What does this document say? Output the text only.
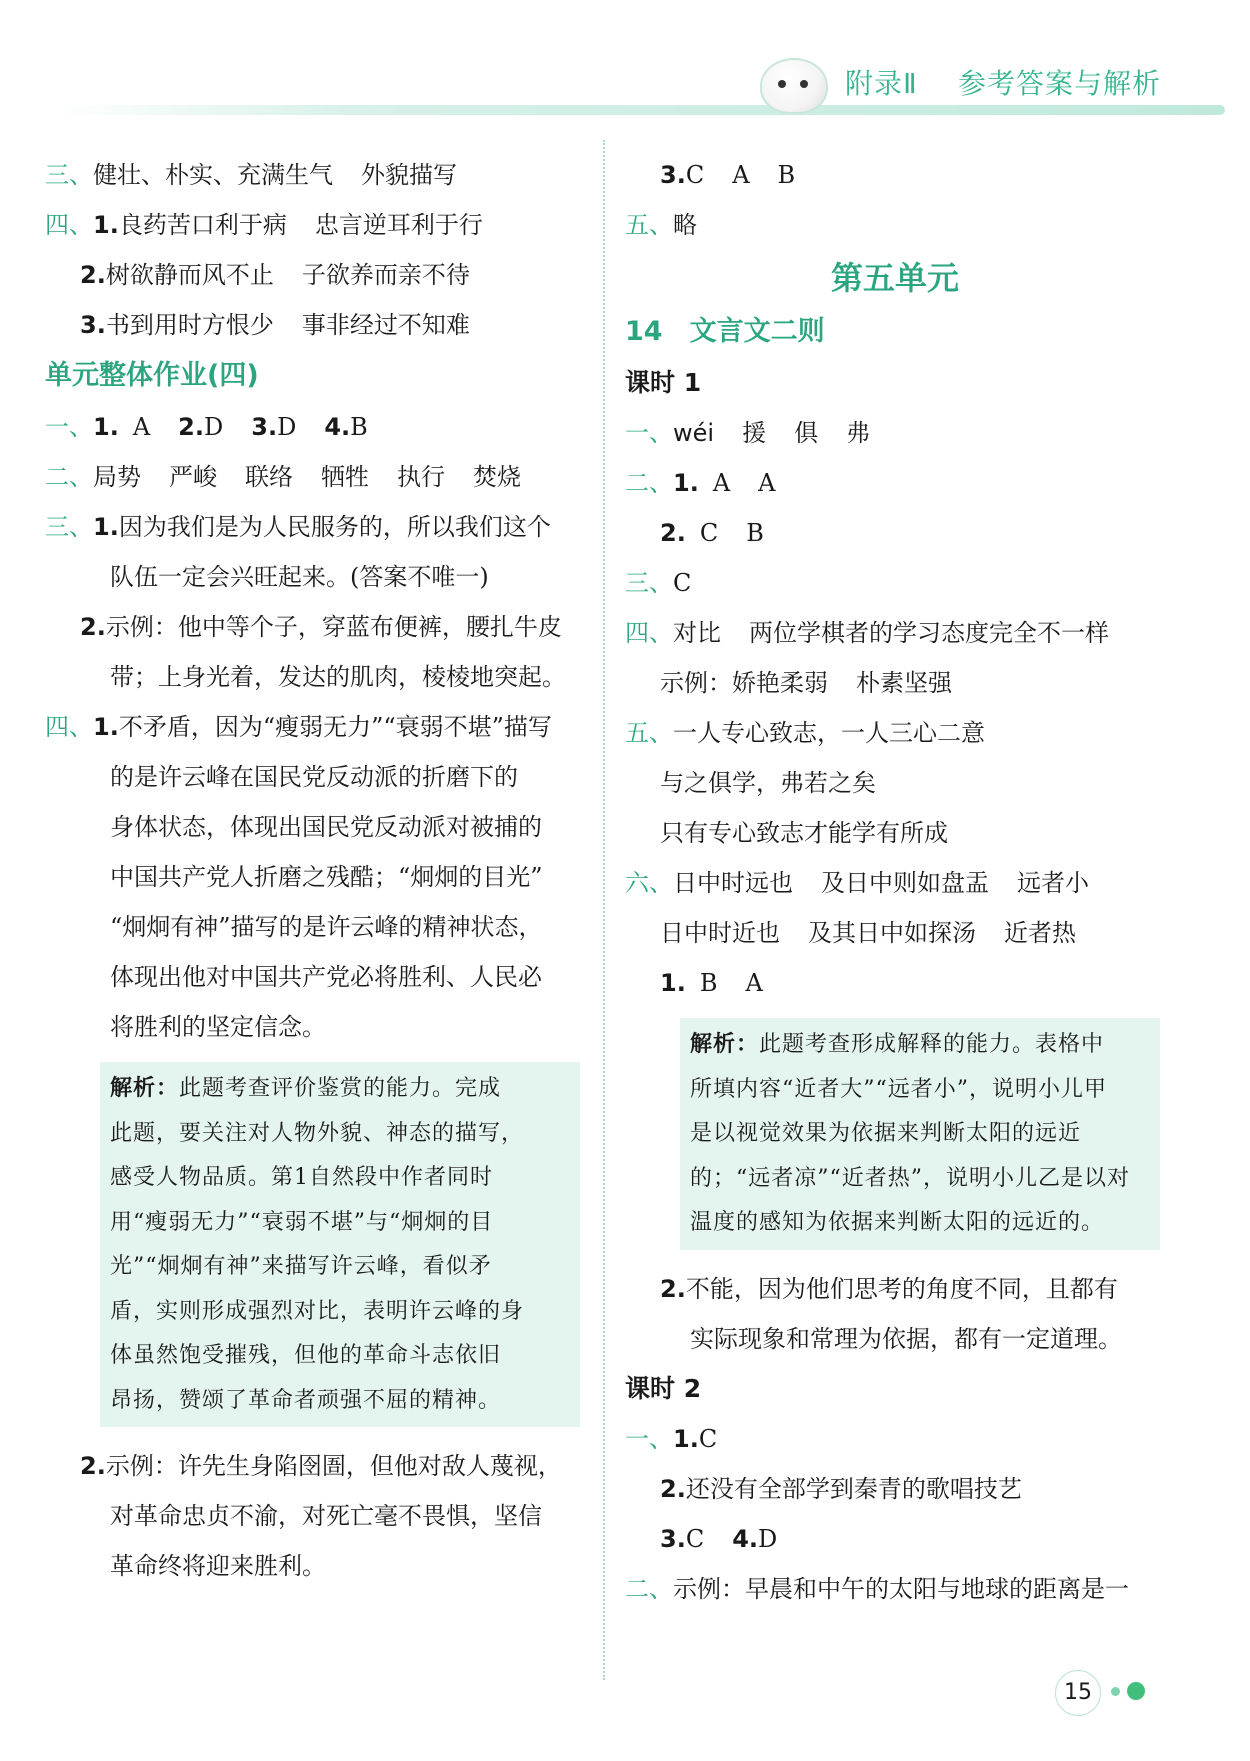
附录Ⅱ 参考答案与解析
三、健壮、朴实、充满生气 外貌描写
四、1.良药苦口利于病 忠言逆耳利于行
2.树欲静而风不止 子欲养而亲不待
3.书到用时方恨少 事非经过不知难
单元整体作业(四)
一、1. A 2.D 3.D 4.B
二、局势 严峻 联络 牺牲 执行 焚烧
三、1.因为我们是为人民服务的，所以我们这个
队伍一定会兴旺起来。(答案不唯一)
2.示例：他中等个子，穿蓝布便裤，腰扎牛皮
带；上身光着，发达的肌肉，棱棱地突起。
四、1.不矛盾，因为“瘦弱无力”“衰弱不堪”描写
的是许云峰在国民党反动派的折磨下的
身体状态，体现出国民党反动派对被捕的
中国共产党人折磨之残酷；“炯炯的目光”
“炯炯有神”描写的是许云峰的精神状态，
体现出他对中国共产党必将胜利、人民必
将胜利的坚定信念。
解析：此题考查评价鉴赏的能力。完成
此题，要关注对人物外貌、神态的描写，
感受人物品质。第1自然段中作者同时
用“瘦弱无力”“衰弱不堪”与“炯炯的目
光”“炯炯有神”来描写许云峰，看似矛
盾，实则形成强烈对比，表明许云峰的身
体虽然饱受摧残，但他的革命斗志依旧
昂扬，赞颂了革命者顽强不屈的精神。
2.示例：许先生身陷囹圄，但他对敌人蔑视，
对革命忠贞不渝，对死亡毫不畏惧，坚信
革命终将迎来胜利。
3.C A B
五、略
第五单元
14　文言文二则
课时 1
一、wéi 援 俱 弗
二、1. A A
2. C B
三、C
四、对比 两位学棋者的学习态度完全不一样
示例：娇艳柔弱 朴素坚强
五、一人专心致志，一人三心二意
与之俱学，弗若之矣
只有专心致志才能学有所成
六、日中时远也 及日中则如盘盂 远者小
日中时近也 及其日中如探汤 近者热
1. B A
解析：此题考查形成解释的能力。表格中
所填内容“近者大”“远者小”，说明小儿甲
是以视觉效果为依据来判断太阳的远近
的；“远者凉”“近者热”，说明小儿乙是以对
温度的感知为依据来判断太阳的远近的。
2.不能，因为他们思考的角度不同，且都有
实际现象和常理为依据，都有一定道理。
课时 2
一、1.C
2.还没有全部学到秦青的歌唱技艺
3.C 4.D
二、示例：早晨和中午的太阳与地球的距离是一
15
